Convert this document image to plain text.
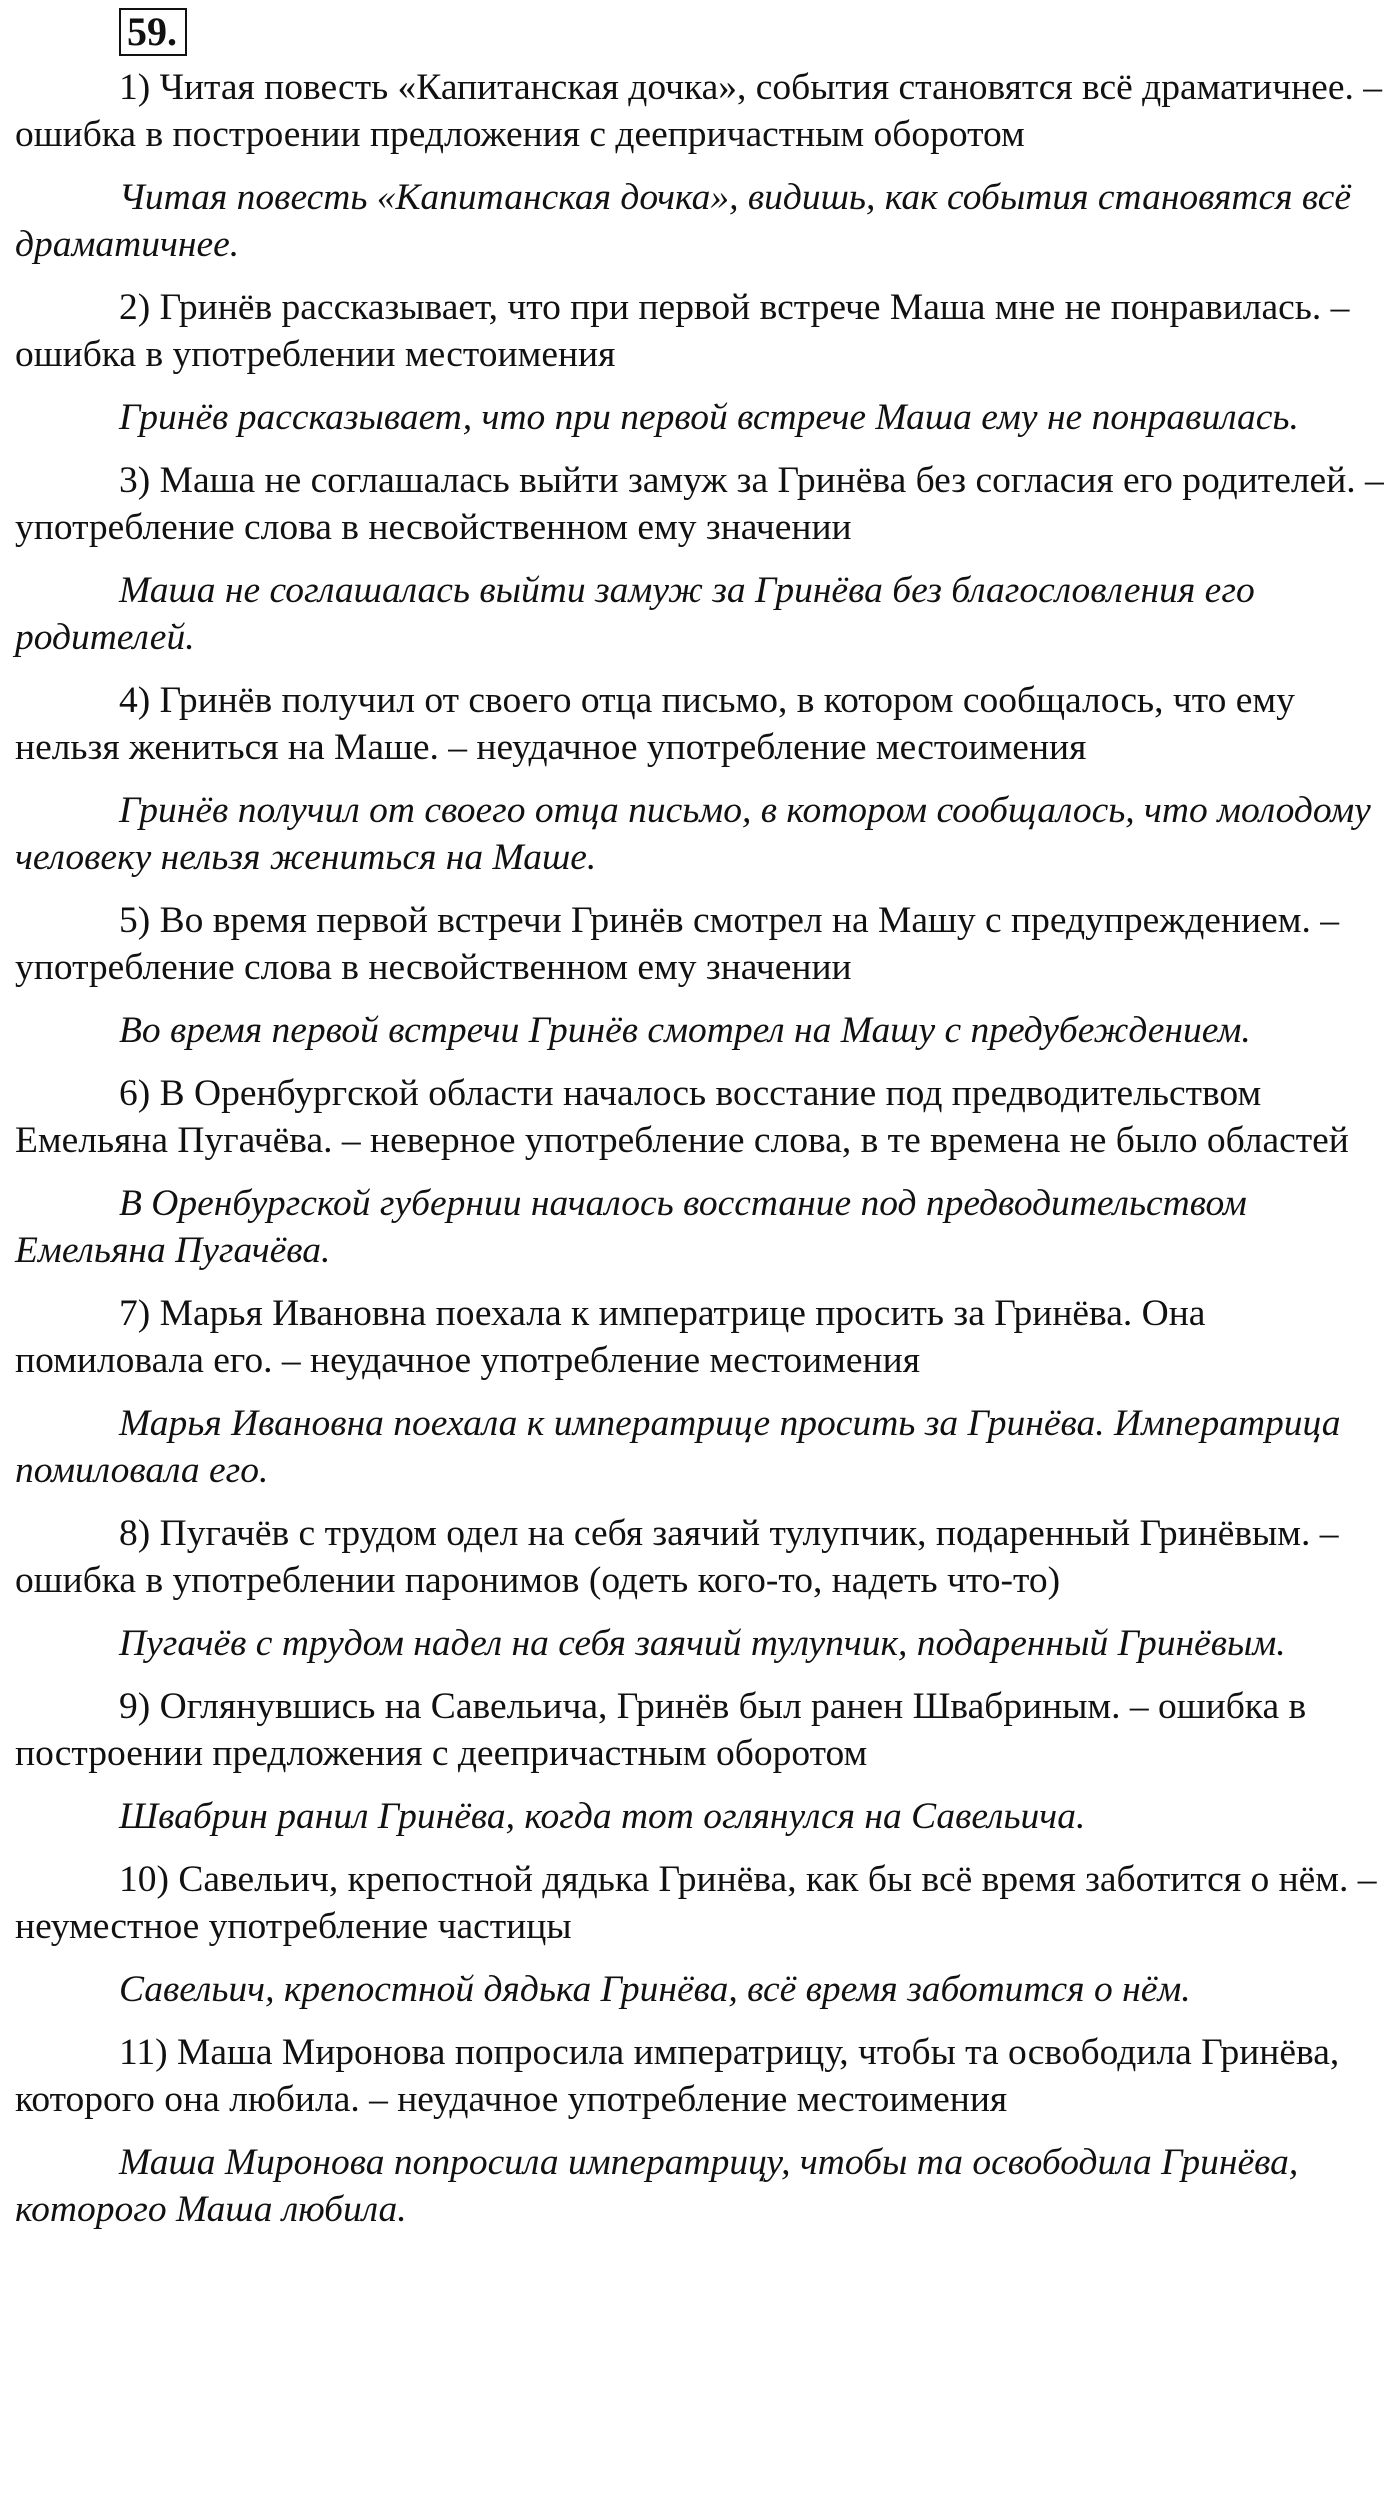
59.

1) Читая повесть «Капитанская дочка», события становятся всё драматичнее. – ошибка в построении предложения с деепричастным оборотом

Читая повесть «Капитанская дочка», видишь, как события становятся всё драматичнее.

2) Гринёв рассказывает, что при первой встрече Маша мне не понравилась. – ошибка в употреблении местоимения

Гринёв рассказывает, что при первой встрече Маша ему не понравилась.

3) Маша не соглашалась выйти замуж за Гринёва без согласия его родителей. – употребление слова в несвойственном ему значении

Маша не соглашалась выйти замуж за Гринёва без благословления его родителей.

4) Гринёв получил от своего отца письмо, в котором сообщалось, что ему нельзя жениться на Маше. – неудачное употребление местоимения

Гринёв получил от своего отца письмо, в котором сообщалось, что молодому человеку нельзя жениться на Маше.

5) Во время первой встречи Гринёв смотрел на Машу с предупреждением. – употребление слова в несвойственном ему значении

Во время первой встречи Гринёв смотрел на Машу с предубеждением.

6) В Оренбургской области началось восстание под предводительством Емельяна Пугачёва. – неверное употребление слова, в те времена не было областей

В Оренбургской губернии началось восстание под предводительством Емельяна Пугачёва.

7) Марья Ивановна поехала к императрице просить за Гринёва. Она помиловала его. – неудачное употребление местоимения

Марья Ивановна поехала к императрице просить за Гринёва. Императрица помиловала его.

8) Пугачёв с трудом одел на себя заячий тулупчик, подаренный Гринёвым. – ошибка в употреблении паронимов (одеть кого-то, надеть что-то)

Пугачёв с трудом надел на себя заячий тулупчик, подаренный Гринёвым.

9) Оглянувшись на Савельича, Гринёв был ранен Швабриным. – ошибка в построении предложения с деепричастным оборотом

Швабрин ранил Гринёва, когда тот оглянулся на Савельича.

10) Савельич, крепостной дядька Гринёва, как бы всё время заботится о нём. – неуместное употребление частицы

Савельич, крепостной дядька Гринёва, всё время заботится о нём.

11) Маша Миронова попросила императрицу, чтобы та освободила Гринёва, которого она любила. – неудачное употребление местоимения

Маша Миронова попросила императрицу, чтобы та освободила Гринёва, которого Маша любила.
